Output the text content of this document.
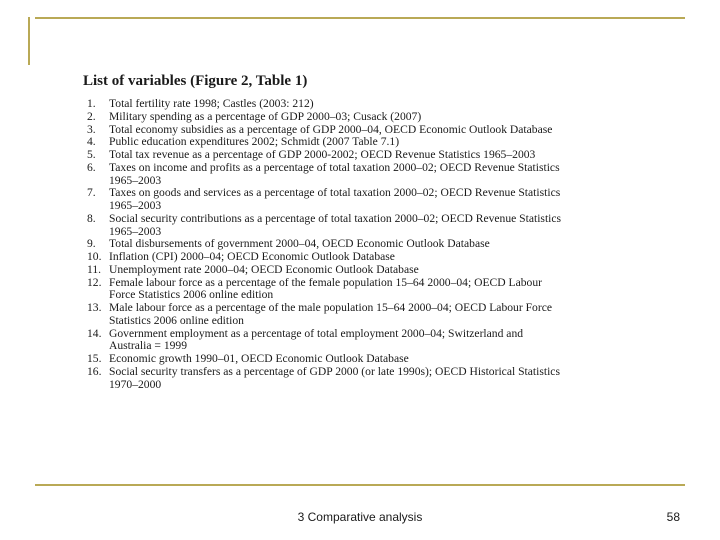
List of variables (Figure 2, Table 1)
1. Total fertility rate 1998; Castles (2003: 212)
2. Military spending as a percentage of GDP 2000–03; Cusack (2007)
3. Total economy subsidies as a percentage of GDP 2000–04, OECD Economic Outlook Database
4. Public education expenditures 2002; Schmidt (2007 Table 7.1)
5. Total tax revenue as a percentage of GDP 2000-2002; OECD Revenue Statistics 1965–2003
6. Taxes on income and profits as a percentage of total taxation 2000–02; OECD Revenue Statistics 1965–2003
7. Taxes on goods and services as a percentage of total taxation 2000–02; OECD Revenue Statistics 1965–2003
8. Social security contributions as a percentage of total taxation 2000–02; OECD Revenue Statistics 1965–2003
9. Total disbursements of government 2000–04, OECD Economic Outlook Database
10. Inflation (CPI) 2000–04; OECD Economic Outlook Database
11. Unemployment rate 2000–04; OECD Economic Outlook Database
12. Female labour force as a percentage of the female population 15–64 2000–04; OECD Labour Force Statistics 2006 online edition
13. Male labour force as a percentage of the male population 15–64 2000–04; OECD Labour Force Statistics 2006 online edition
14. Government employment as a percentage of total employment 2000–04; Switzerland and Australia = 1999
15. Economic growth 1990–01, OECD Economic Outlook Database
16. Social security transfers as a percentage of GDP 2000 (or late 1990s); OECD Historical Statistics 1970–2000
3 Comparative analysis	58
